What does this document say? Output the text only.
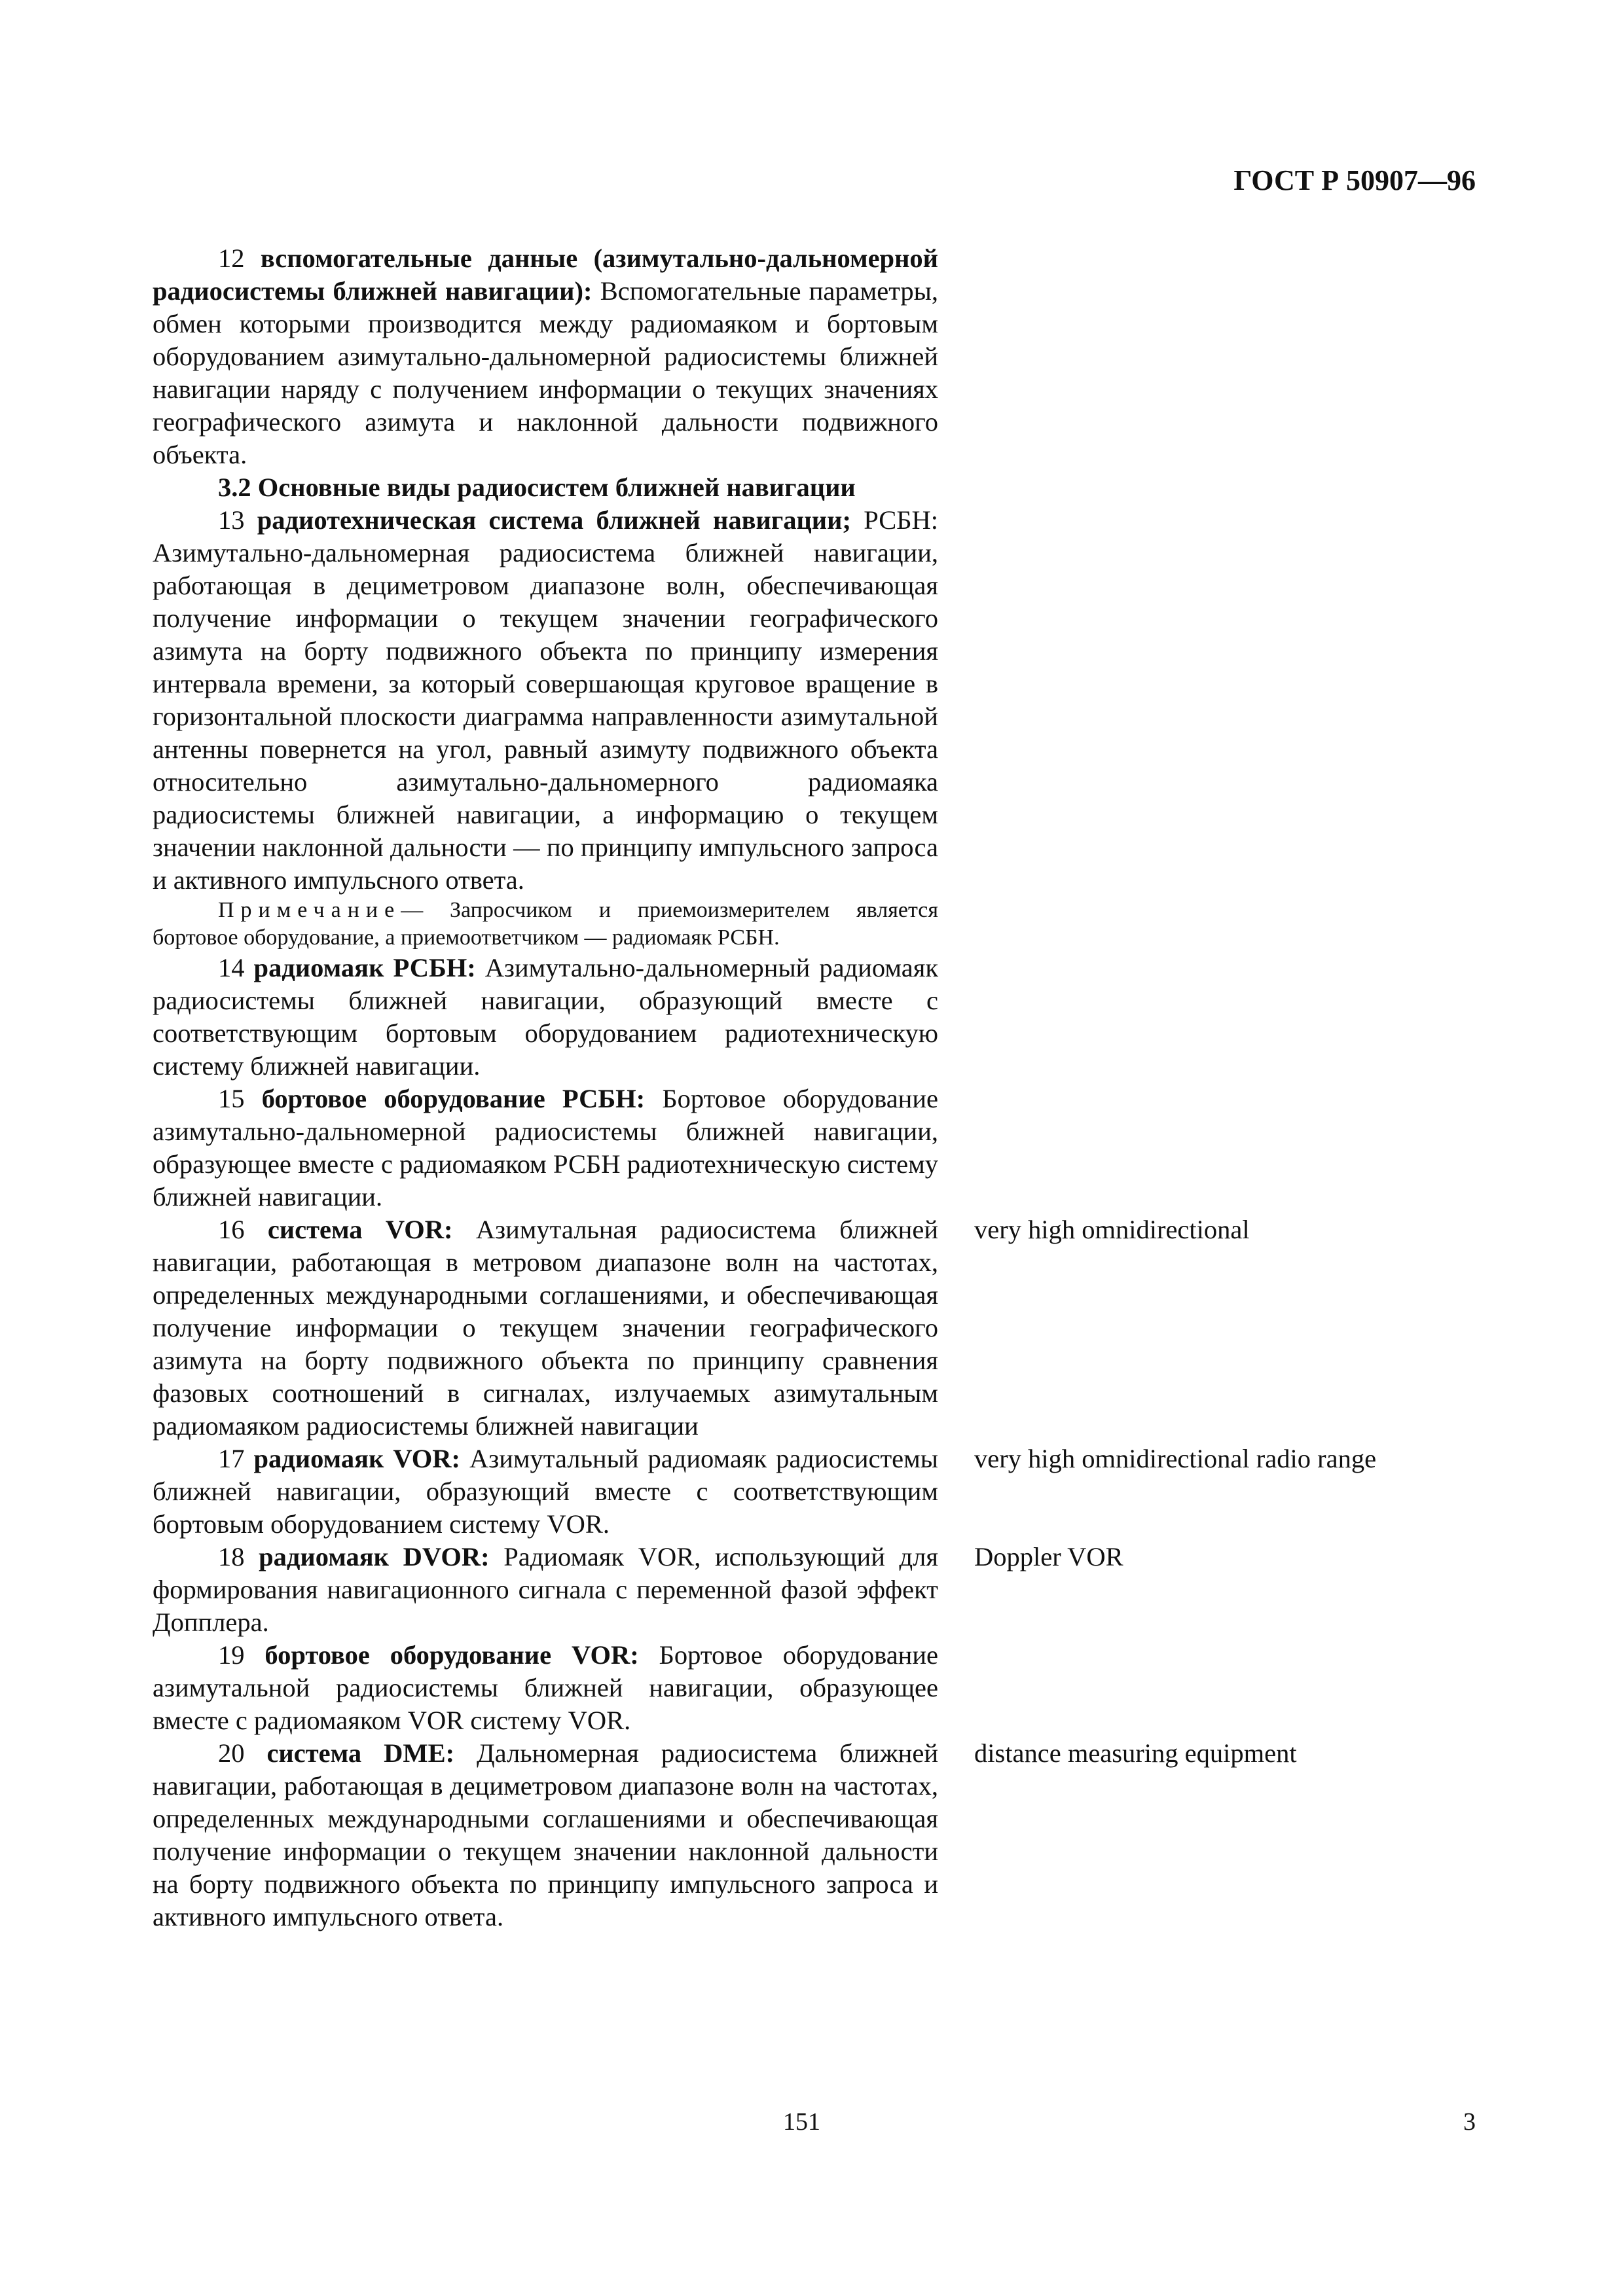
ГОСТ Р 50907—96

12 вспомогательные данные (азимутально-дальномерной радиосистемы ближней навигации): Вспомогательные параметры, обмен которыми производится между радиомаяком и бортовым оборудованием азимутально-дальномерной радиосистемы ближней навигации наряду с получением информации о текущих значениях географического азимута и наклонной дальности подвижного объекта.

3.2 Основные виды радиосистем ближней навигации

13 радиотехническая система ближней навигации; РСБН: Азимутально-дальномерная радиосистема ближней навигации, работающая в дециметровом диапазоне волн, обеспечивающая получение информации о текущем значении географического азимута на борту подвижного объекта по принципу измерения интервала времени, за который совершающая круговое вращение в горизонтальной плоскости диаграмма направленности азимутальной антенны повернется на угол, равный азимуту подвижного объекта относительно азимутально-дальномерного радиомаяка радиосистемы ближней навигации, а информацию о текущем значении наклонной дальности — по принципу импульсного запроса и активного импульсного ответа.

Примечание— Запросчиком и приемоизмерителем является бортовое оборудование, а приемоответчиком — радиомаяк РСБН.

14 радиомаяк РСБН: Азимутально-дальномерный радиомаяк радиосистемы ближней навигации, образующий вместе с соответствующим бортовым оборудованием радиотехническую систему ближней навигации.

15 бортовое оборудование РСБН: Бортовое оборудование азимутально-дальномерной радиосистемы ближней навигации, образующее вместе с радиомаяком РСБН радиотехническую систему ближней навигации.

16 система VOR: Азимутальная радиосистема ближней навигации, работающая в метровом диапазоне волн на частотах, определенных международными соглашениями, и обеспечивающая получение информации о текущем значении географического азимута на борту подвижного объекта по принципу сравнения фазовых соотношений в сигналах, излучаемых азимутальным радиомаяком радиосистемы ближней навигации

17 радиомаяк VOR: Азимутальный радиомаяк радиосистемы ближней навигации, образующий вместе с соответствующим бортовым оборудованием систему VOR.

18 радиомаяк DVOR: Радиомаяк VOR, использующий для формирования навигационного сигнала с переменной фазой эффект Допплера.

19 бортовое оборудование VOR: Бортовое оборудование азимутальной радиосистемы ближней навигации, образующее вместе с радиомаяком VOR систему VOR.

20 система DME: Дальномерная радиосистема ближней навигации, работающая в дециметровом диапазоне волн на частотах, определенных международными соглашениями и обеспечивающая получение информации о текущем значении наклонной дальности на борту подвижного объекта по принципу импульсного запроса и активного импульсного ответа.

very high omnidirectional
very high omnidirectional radio range
Doppler VOR
distance measuring equipment
151	3
